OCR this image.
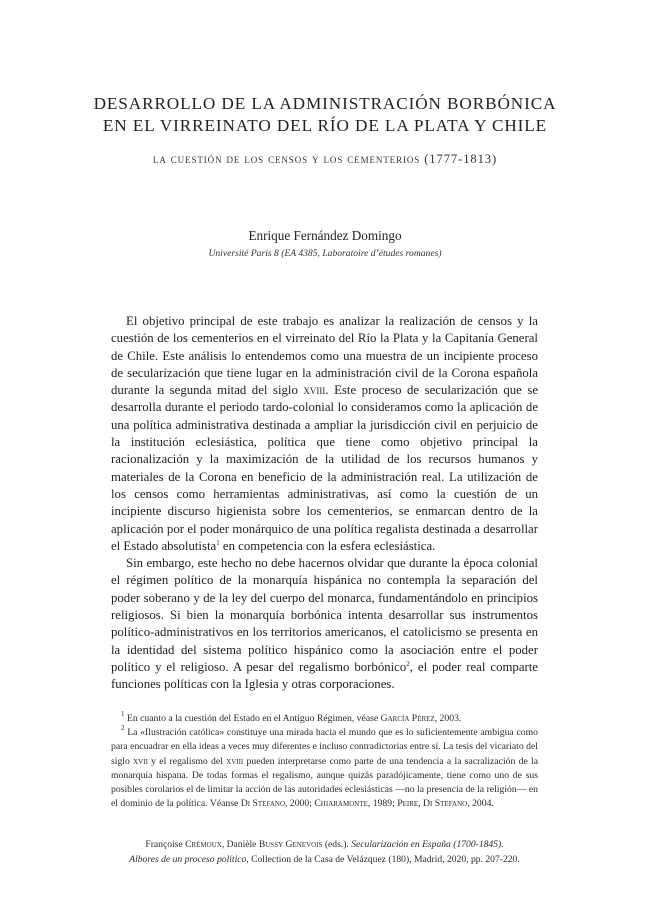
DESARROLLO DE LA ADMINISTRACIÓN BORBÓNICA
EN EL VIRREINATO DEL RÍO DE LA PLATA Y CHILE
la cuestión de los censos y los cementerios (1777-1813)
Enrique Fernández Domingo
Université Paris 8 (EA 4385, Laboratoire d’études romanes)

El objetivo principal de este trabajo es analizar la realización de censos y la cuestión de los cementerios en el virreinato del Río la Plata y la Capitanía General de Chile. Este análisis lo entendemos como una muestra de un incipiente proceso de secularización que tiene lugar en la administración civil de la Corona española durante la segunda mitad del siglo xviii. Este proceso de secularización que se desarrolla durante el periodo tardo-colonial lo consideramos como la aplicación de una política administrativa destinada a ampliar la jurisdicción civil en perjuicio de la institución eclesiástica, política que tiene como objetivo principal la racionalización y la maximización de la utilidad de los recursos humanos y materiales de la Corona en beneficio de la administración real. La utilización de los censos como herramientas administrativas, así como la cuestión de un incipiente discurso higienista sobre los cementerios, se enmarcan dentro de la aplicación por el poder monárquico de una política regalista destinada a desarrollar el Estado absolutista$^1$ en competencia con la esfera eclesiástica.

Sin embargo, este hecho no debe hacernos olvidar que durante la época colonial el régimen político de la monarquía hispánica no contempla la separación del poder soberano y de la ley del cuerpo del monarca, fundamentándolo en principios religiosos. Si bien la monarquía borbónica intenta desarrollar sus instrumentos político-administrativos en los territorios americanos, el catolicismo se presenta en la identidad del sistema político hispánico como la asociación entre el poder político y el religioso. A pesar del regalismo borbónico$^2$, el poder real comparte funciones políticas con la Iglesia y otras corporaciones.

$^1$ En cuanto a la cuestión del Estado en el Antiguo Régimen, véase García Pérez, 2003.

$^2$ La «Ilustración católica» constituye una mirada hacia el mundo que es lo suficientemente ambigua como para encuadrar en ella ideas a veces muy diferentes e incluso contradictorias entre sí. La tesis del vicariato del siglo xvii y el regalismo del xviii pueden interpretarse como parte de una tendencia a la sacralización de la monarquía hispana. De todas formas el regalismo, aunque quizás paradójicamente, tiene como uno de sus posibles corolarios el de limitar la acción de las autoridades eclesiásticas —no la presencia de la religión— en el dominio de la política. Véanse Di Stefano, 2000; Chiaramonte, 1989; Peire, Di Stefano, 2004.

Françoise Crémoux, Danièle Bussy Genevois (eds.). Secularización en España (1700-1845).
Albores de un proceso político, Collection de la Casa de Velázquez (180), Madrid, 2020, pp. 207-220.
